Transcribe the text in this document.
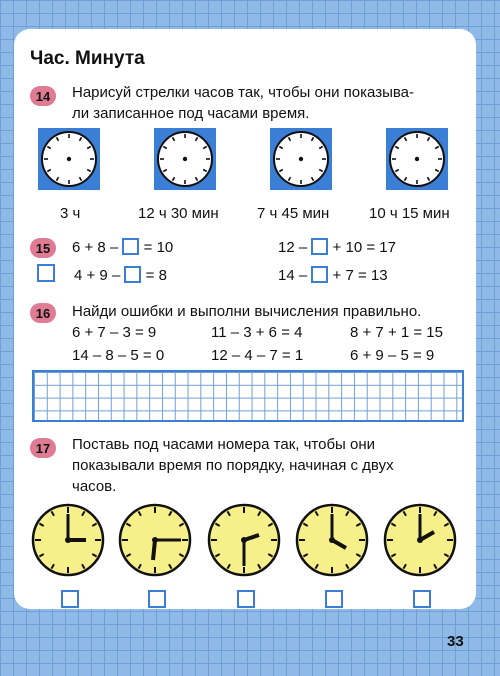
Час. Минута
14	Нарисуй стрелки часов так, чтобы они показыва-
ли записанное под часами время.
3 ч	12 ч 30 мин	7 ч 45 мин	10 ч 15 мин
15	6 + 8 – = 10	12 – + 10 = 17
4 + 9 – = 8	14 – + 7 = 13
16	Найди ошибки и выполни вычисления правильно.
6 + 7 – 3 = 9	11 – 3 + 6 = 4	8 + 7 + 1 = 15
14 – 8 – 5 = 0	12 – 4 – 7 = 1	6 + 9 – 5 = 9
17	Поставь под часами номера так, чтобы они
показывали время по порядку, начиная с двух
часов.
33
